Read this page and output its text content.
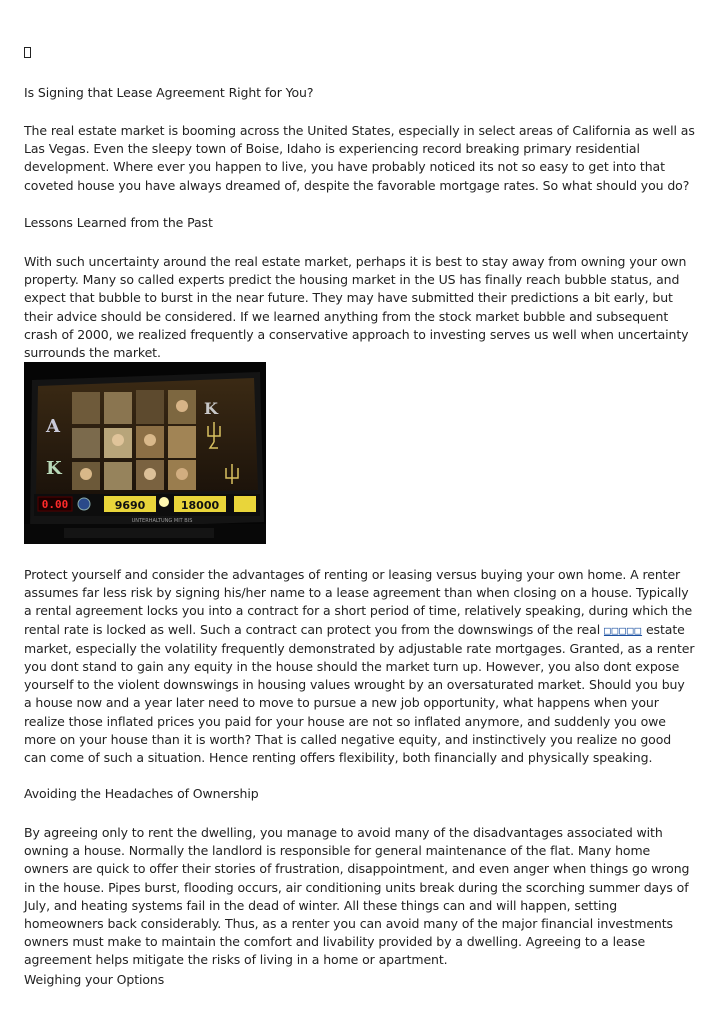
Is Signing that Lease Agreement Right for You?

The real estate market is booming across the United States, especially in select areas of California as well as Las Vegas. Even the sleepy town of Boise, Idaho is experiencing record breaking primary residential development. Where ever you happen to live, you have probably noticed its not so easy to get into that coveted house you have always dreamed of, despite the favorable mortgage rates. So what should you do?

Lessons Learned from the Past

With such uncertainty around the real estate market, perhaps it is best to stay away from owning your own property. Many so called experts predict the housing market in the US has finally reach bubble status, and expect that bubble to burst in the near future. They may have submitted their predictions a bit early, but their advice should be considered. If we learned anything from the stock market bubble and subsequent crash of 2000, we realized frequently a conservative approach to investing serves us well when uncertainty surrounds the market.

A
K
K
0.00	9690	18000
UNTERHALTUNG MIT BIS

Protect yourself and consider the advantages of renting or leasing versus buying your own home. A renter assumes far less risk by signing his/her name to a lease agreement than when closing on a house. Typically a rental agreement locks you into a contract for a short period of time, relatively speaking, during which the rental rate is locked as well. Such a contract can protect you from the downswings of the real □□□□□ estate market, especially the volatility frequently demonstrated by adjustable rate mortgages. Granted, as a renter you dont stand to gain any equity in the house should the market turn up. However, you also dont expose yourself to the violent downswings in housing values wrought by an oversaturated market. Should you buy a house now and a year later need to move to pursue a new job opportunity, what happens when your realize those inflated prices you paid for your house are not so inflated anymore, and suddenly you owe more on your house than it is worth? That is called negative equity, and instinctively you realize no good can come of such a situation. Hence renting offers flexibility, both financially and physically speaking.

Avoiding the Headaches of Ownership

By agreeing only to rent the dwelling, you manage to avoid many of the disadvantages associated with owning a house. Normally the landlord is responsible for general maintenance of the flat. Many home owners are quick to offer their stories of frustration, disappointment, and even anger when things go wrong in the house. Pipes burst, flooding occurs, air conditioning units break during the scorching summer days of July, and heating systems fail in the dead of winter. All these things can and will happen, setting homeowners back considerably. Thus, as a renter you can avoid many of the major financial investments owners must make to maintain the comfort and livability provided by a dwelling. Agreeing to a lease agreement helps mitigate the risks of living in a home or apartment.

Weighing your Options
